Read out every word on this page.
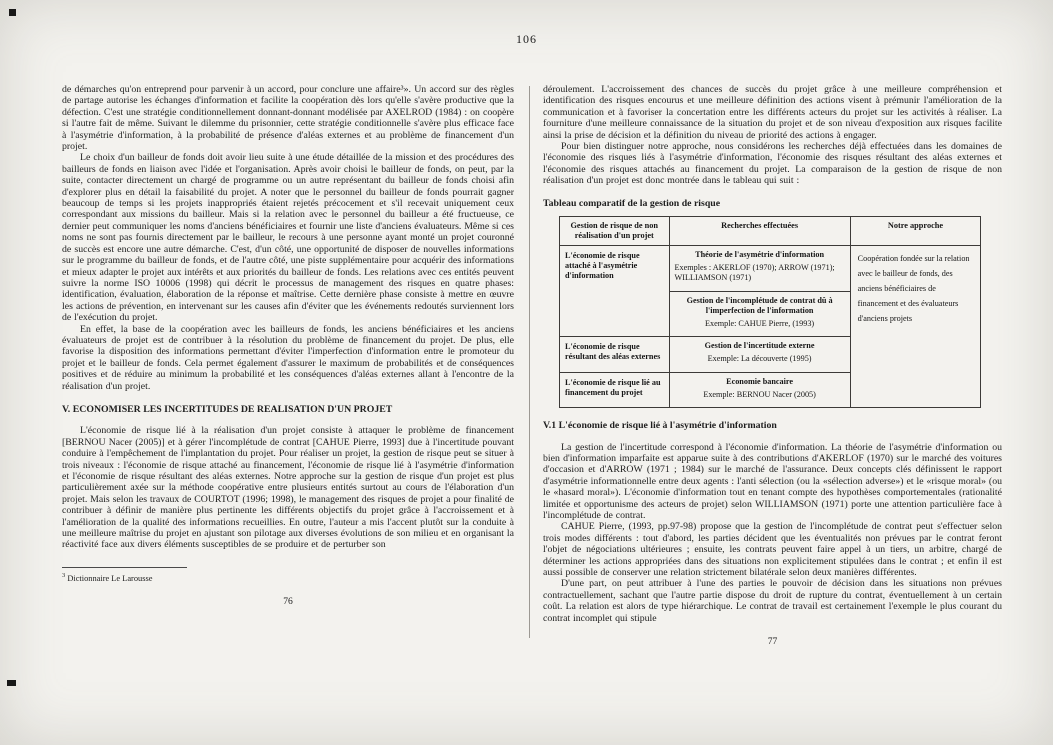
106

de démarches qu'on entreprend pour parvenir à un accord, pour conclure une affaire³». Un accord sur des règles de partage autorise les échanges d'information et facilite la coopération dès lors qu'elle s'avère productive que la défection. C'est une stratégie conditionnellement donnant-donnant modélisée par AXELROD (1984) : on coopère si l'autre fait de même. Suivant le dilemme du prisonnier, cette stratégie conditionnelle s'avère plus efficace face à l'asymétrie d'information, à la probabilité de présence d'aléas externes et au problème de financement d'un projet.

Le choix d'un bailleur de fonds doit avoir lieu suite à une étude détaillée de la mission et des procédures des bailleurs de fonds en liaison avec l'idée et l'organisation. Après avoir choisi le bailleur de fonds, on peut, par la suite, contacter directement un chargé de programme ou un autre représentant du bailleur de fonds choisi afin d'explorer plus en détail la faisabilité du projet. A noter que le personnel du bailleur de fonds pourrait gagner beaucoup de temps si les projets inappropriés étaient rejetés précocement et s'il recevait uniquement ceux correspondant aux missions du bailleur. Mais si la relation avec le personnel du bailleur a été fructueuse, ce dernier peut communiquer les noms d'anciens bénéficiaires et fournir une liste d'anciens évaluateurs. Même si ces noms ne sont pas fournis directement par le bailleur, le recours à une personne ayant monté un projet couronné de succès est encore une autre démarche. C'est, d'un côté, une opportunité de disposer de nouvelles informations sur le programme du bailleur de fonds, et de l'autre côté, une piste supplémentaire pour acquérir des informations et mieux adapter le projet aux intérêts et aux priorités du bailleur de fonds. Les relations avec ces entités peuvent suivre la norme ISO 10006 (1998) qui décrit le processus de management des risques en quatre phases: identification, évaluation, élaboration de la réponse et maîtrise. Cette dernière phase consiste à mettre en œuvre les actions de prévention, en intervenant sur les causes afin d'éviter que les événements redoutés surviennent lors de l'exécution du projet.

En effet, la base de la coopération avec les bailleurs de fonds, les anciens bénéficiaires et les anciens évaluateurs de projet est de contribuer à la résolution du problème de financement du projet. De plus, elle favorise la disposition des informations permettant d'éviter l'imperfection d'information entre le promoteur du projet et le bailleur de fonds. Cela permet également d'assurer le maximum de probabilités et de conséquences positives et de réduire au minimum la probabilité et les conséquences d'aléas externes allant à l'encontre de la réalisation d'un projet.

V. ECONOMISER LES INCERTITUDES DE REALISATION D'UN PROJET

L'économie de risque lié à la réalisation d'un projet consiste à attaquer le problème de financement [BERNOU Nacer (2005)] et à gérer l'incomplétude de contrat [CAHUE Pierre, 1993] due à l'incertitude pouvant conduire à l'empêchement de l'implantation du projet. Pour réaliser un projet, la gestion de risque peut se situer à trois niveaux : l'économie de risque attaché au financement, l'économie de risque lié à l'asymétrie d'information et l'économie de risque résultant des aléas externes. Notre approche sur la gestion de risque d'un projet est plus particulièrement axée sur la méthode coopérative entre plusieurs entités surtout au cours de l'élaboration d'un projet. Mais selon les travaux de COURTOT (1996; 1998), le management des risques de projet a pour finalité de contribuer à définir de manière plus pertinente les différents objectifs du projet grâce à l'accroissement et à l'amélioration de la qualité des informations recueillies. En outre, l'auteur a mis l'accent plutôt sur la conduite à une meilleure maîtrise du projet en ajustant son pilotage aux diverses évolutions de son milieu et en organisant la réactivité face aux divers éléments susceptibles de se produire et de perturber son

$^3$ Dictionnaire Le Larousse
76

déroulement. L'accroissement des chances de succès du projet grâce à une meilleure compréhension et identification des risques encourus et une meilleure définition des actions visent à prémunir l'amélioration de la communication et à favoriser la concertation entre les différents acteurs du projet sur les activités à réaliser. La fourniture d'une meilleure connaissance de la situation du projet et de son niveau d'exposition aux risques facilite ainsi la prise de décision et la définition du niveau de priorité des actions à engager.

Pour bien distinguer notre approche, nous considérons les recherches déjà effectuées dans les domaines de l'économie des risques liés à l'asymétrie d'information, l'économie des risques résultant des aléas externes et l'économie des risques attachés au financement du projet. La comparaison de la gestion de risque de non réalisation d'un projet est donc montrée dans le tableau qui suit :

Tableau comparatif de la gestion de risque
Gestion de risque de non réalisation d'un projet	Recherches effectuées	Notre approche
L'économie de risque attaché à l'asymétrie d'information	Théorie de l'asymétrie d'information
Exemples : AKERLOF (1970); ARROW (1971); WILLIAMSON (1971)
Gestion de l'incomplétude de contrat dû à l'imperfection de l'information
Exemple: CAHUE Pierre, (1993)	Coopération fondée sur la relation avec le bailleur de fonds, des anciens bénéficiaires de financement et des évaluateurs d'anciens projets
L'économie de risque résultant des aléas externes	Gestion de l'incertitude externe
Exemple: La découverte (1995)	

L'économie de risque lié au financement du projet	Economie bancaire
Exemple: BERNOU Nacer (2005)	
V.1 L'économie de risque lié à l'asymétrie d'information

La gestion de l'incertitude correspond à l'économie d'information. La théorie de l'asymétrie d'information ou bien d'information imparfaite est apparue suite à des contributions d'AKERLOF (1970) sur le marché des voitures d'occasion et d'ARROW (1971 ; 1984) sur le marché de l'assurance. Deux concepts clés définissent le rapport d'asymétrie informationnelle entre deux agents : l'anti sélection (ou la «sélection adverse») et le «risque moral» (ou le «hasard moral»). L'économie d'information tout en tenant compte des hypothèses comportementales (rationalité limitée et opportunisme des acteurs de projet) selon WILLIAMSON (1971) porte une attention particulière face à l'incomplétude de contrat.

CAHUE Pierre, (1993, pp.97-98) propose que la gestion de l'incomplétude de contrat peut s'effectuer selon trois modes différents : tout d'abord, les parties décident que les éventualités non prévues par le contrat feront l'objet de négociations ultérieures ; ensuite, les contrats peuvent faire appel à un tiers, un arbitre, chargé de déterminer les actions appropriées dans des situations non explicitement stipulées dans le contrat ; et enfin il est aussi possible de conserver une relation strictement bilatérale selon deux manières différentes.

D'une part, on peut attribuer à l'une des parties le pouvoir de décision dans les situations non prévues contractuellement, sachant que l'autre partie dispose du droit de rupture du contrat, éventuellement à un certain coût. La relation est alors de type hiérarchique. Le contrat de travail est certainement l'exemple le plus courant du contrat incomplet qui stipule

77
